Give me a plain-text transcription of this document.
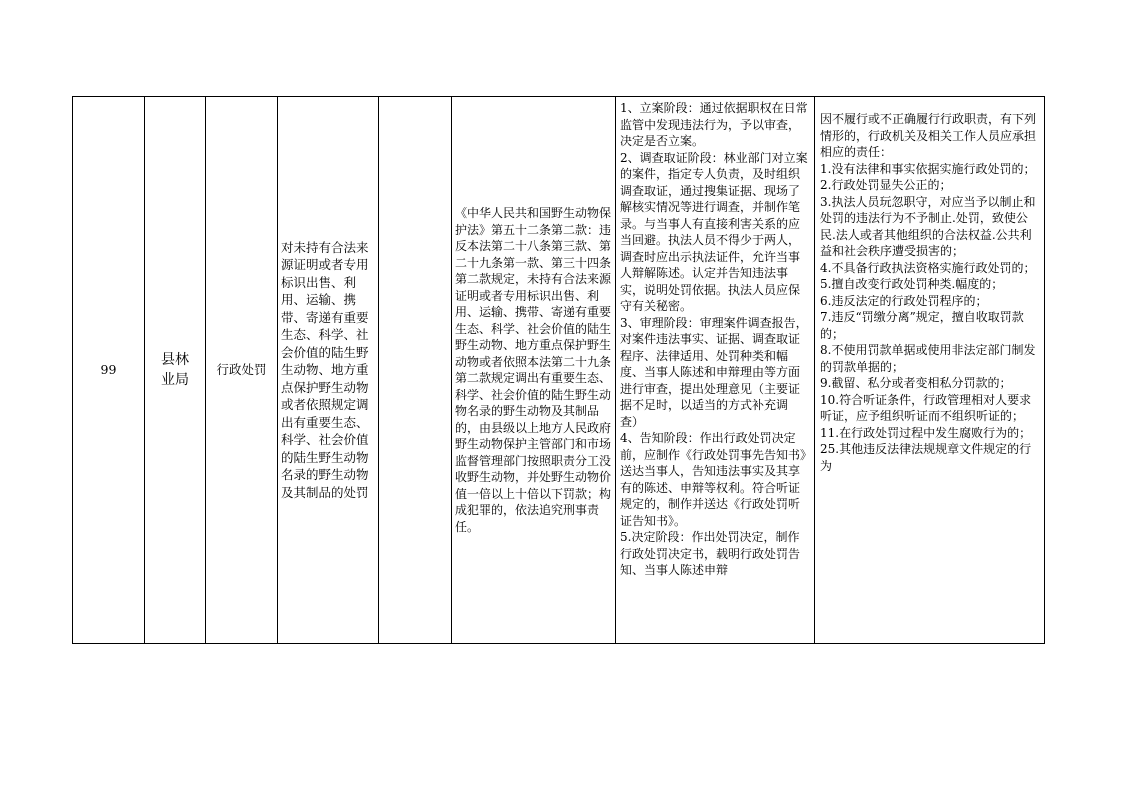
99
县林业局
行政处罚
对未持有合法来源证明或者专用标识出售、利用、运输、携带、寄递有重要生态、科学、社会价值的陆生野生动物、地方重点保护野生动物或者依照规定调出有重要生态、科学、社会价值的陆生野生动物名录的野生动物及其制品的处罚
《中华人民共和国野生动物保护法》第五十二条第二款：违反本法第二十八条第三款、第二十九条第一款、第三十四条第二款规定，未持有合法来源证明或者专用标识出售、利用、运输、携带、寄递有重要生态、科学、社会价值的陆生野生动物、地方重点保护野生动物或者依照本法第二十九条第二款规定调出有重要生态、科学、社会价值的陆生野生动物名录的野生动物及其制品的，由县级以上地方人民政府野生动物保护主管部门和市场监督管理部门按照职责分工没收野生动物，并处野生动物价值一倍以上十倍以下罚款；构成犯罪的，依法追究刑事责任。
1、立案阶段：通过依据职权在日常监管中发现违法行为，予以审查，决定是否立案。
2、调查取证阶段：林业部门对立案的案件，指定专人负责，及时组织调查取证，通过搜集证据、现场了解核实情况等进行调查，并制作笔录。与当事人有直接利害关系的应当回避。执法人员不得少于两人，调查时应出示执法证件，允许当事人辩解陈述。认定并告知违法事实，说明处罚依据。执法人员应保守有关秘密。
3、审理阶段：审理案件调查报告，对案件违法事实、证据、调查取证程序、法律适用、处罚种类和幅度、当事人陈述和申辩理由等方面进行审查，提出处理意见（主要证据不足时，以适当的方式补充调查）
4、告知阶段：作出行政处罚决定前，应制作《行政处罚事先告知书》送达当事人，告知违法事实及其享有的陈述、申辩等权利。符合听证规定的，制作并送达《行政处罚听证告知书》。
5.决定阶段：作出处罚决定，制作行政处罚决定书，载明行政处罚告知、当事人陈述申辩
因不履行或不正确履行行政职责，有下列情形的，行政机关及相关工作人员应承担相应的责任：
1.没有法律和事实依据实施行政处罚的；
2.行政处罚显失公正的；
3.执法人员玩忽职守，对应当予以制止和处罚的违法行为不予制止.处罚，致使公民.法人或者其他组织的合法权益.公共利益和社会秩序遭受损害的；
4.不具备行政执法资格实施行政处罚的；
5.擅自改变行政处罚种类.幅度的；
6.违反法定的行政处罚程序的；
7.违反“罚缴分离”规定，擅自收取罚款的；
8.不使用罚款单据或使用非法定部门制发的罚款单据的；
9.截留、私分或者变相私分罚款的；
10.符合听证条件，行政管理相对人要求听证，应予组织听证而不组织听证的；
11.在行政处罚过程中发生腐败行为的；
25.其他违反法律法规规章文件规定的行为
